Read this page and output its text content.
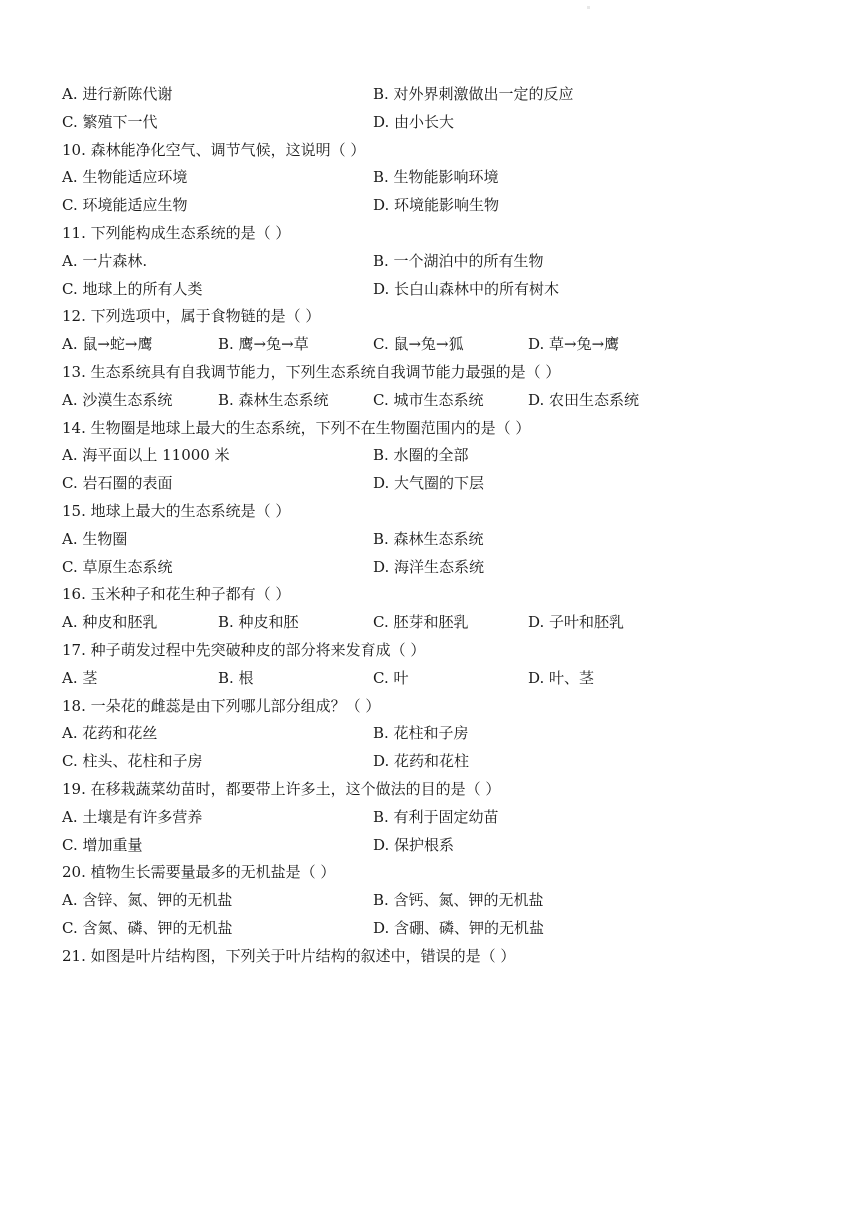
A. 进行新陈代谢	B. 对外界刺激做出一定的反应
C. 繁殖下一代	D. 由小长大
10. 森林能净化空气、调节气候，这说明（ ）
A. 生物能适应环境	B. 生物能影响环境
C. 环境能适应生物	D. 环境能影响生物
11. 下列能构成生态系统的是（ ）
A. 一片森林.	B. 一个湖泊中的所有生物
C. 地球上的所有人类	D. 长白山森林中的所有树木
12. 下列选项中，属于食物链的是（ ）
A. 鼠→蛇→鹰	B. 鹰→兔→草	C. 鼠→兔→狐	D. 草→兔→鹰
13. 生态系统具有自我调节能力，下列生态系统自我调节能力最强的是（ ）
A. 沙漠生态系统	B. 森林生态系统	C. 城市生态系统	D. 农田生态系统
14. 生物圈是地球上最大的生态系统，下列不在生物圈范围内的是（ ）
A. 海平面以上 11000 米	B. 水圈的全部
C. 岩石圈的表面	D. 大气圈的下层
15. 地球上最大的生态系统是（ ）
A. 生物圈	B. 森林生态系统
C. 草原生态系统	D. 海洋生态系统
16. 玉米种子和花生种子都有（ ）
A. 种皮和胚乳	B. 种皮和胚	C. 胚芽和胚乳	D. 子叶和胚乳
17. 种子萌发过程中先突破种皮的部分将来发育成（ ）
A. 茎	B. 根	C. 叶	D. 叶、茎
18. 一朵花的雌蕊是由下列哪儿部分组成？（ ）
A. 花药和花丝	B. 花柱和子房
C. 柱头、花柱和子房	D. 花药和花柱
19. 在移栽蔬菜幼苗时，都要带上许多土，这个做法的目的是（ ）
A. 土壤是有许多营养	B. 有利于固定幼苗
C. 增加重量	D. 保护根系
20. 植物生长需要量最多的无机盐是（ ）
A. 含锌、氮、钾的无机盐	B. 含钙、氮、钾的无机盐
C. 含氮、磷、钾的无机盐	D. 含硼、磷、钾的无机盐
21. 如图是叶片结构图，下列关于叶片结构的叙述中，错误的是（ ）
